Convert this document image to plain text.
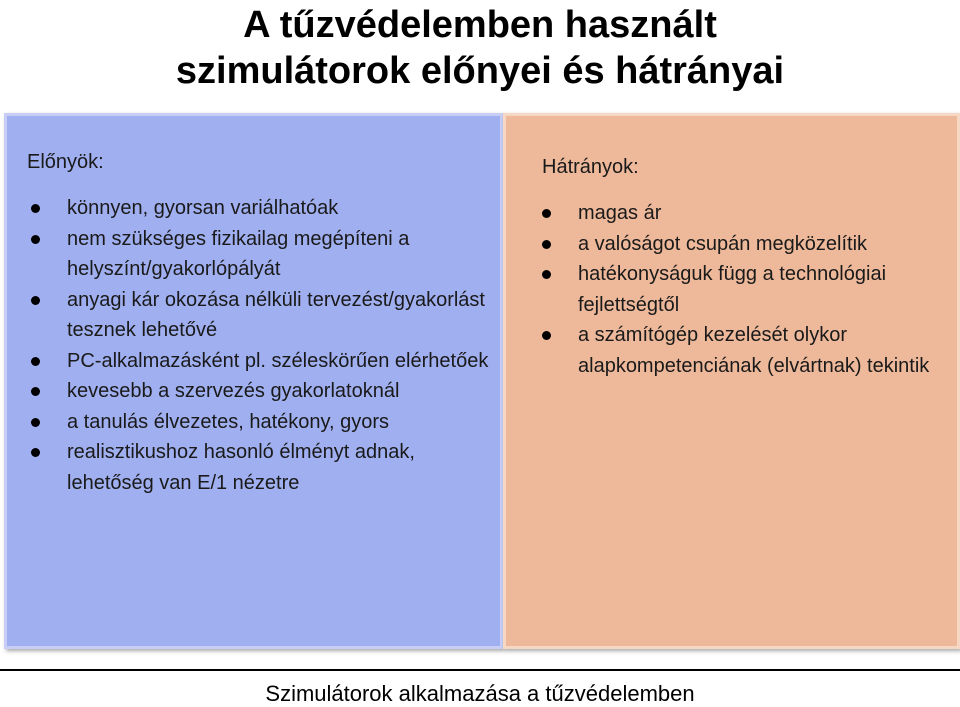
A tűzvédelemben használt
szimulátorok előnyei és hátrányai
Előnyök:
könnyen, gyorsan variálhatóak
nem szükséges fizikailag megépíteni a helyszínt/gyakorlópályát
anyagi kár okozása nélküli tervezést/gyakorlást tesznek lehetővé
PC-alkalmazásként pl. széleskörűen elérhetőek
kevesebb a szervezés gyakorlatoknál
a tanulás élvezetes, hatékony, gyors
realisztikushoz hasonló élményt adnak, lehetőség van E/1 nézetre
Hátrányok:
magas ár
a valóságot csupán megközelítik
hatékonyságuk függ a technológiai fejlettségtől
a számítógép kezelését olykor alapkompetenciának (elvártnak) tekintik
Szimulátorok alkalmazása a tűzvédelemben
